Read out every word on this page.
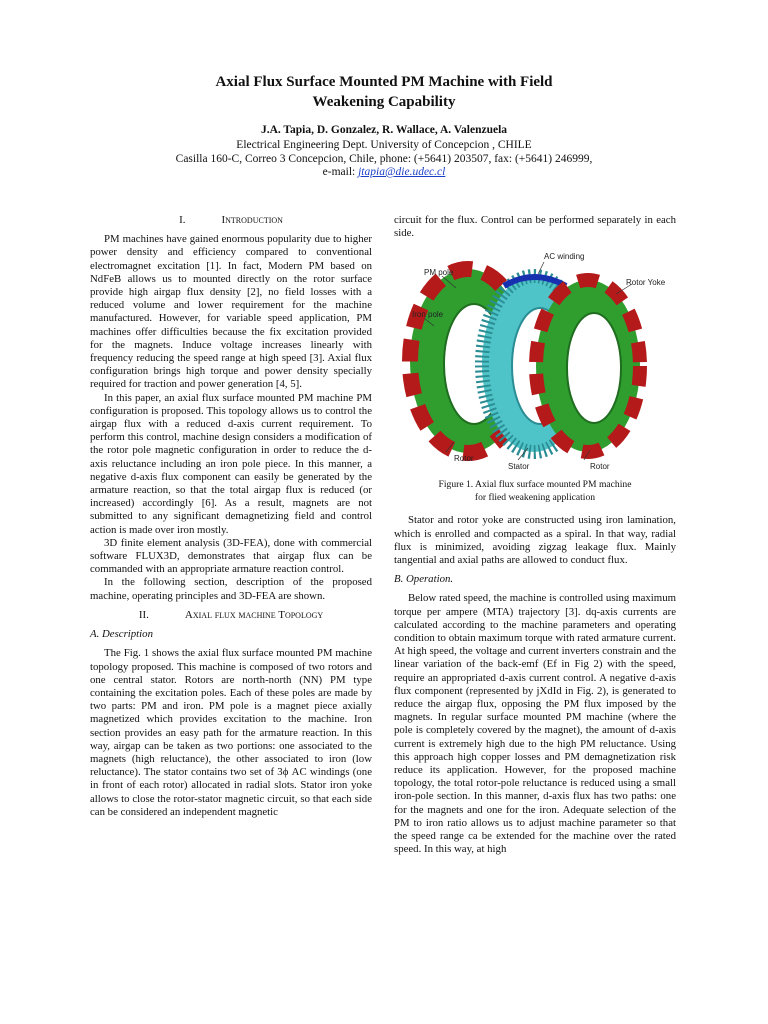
Axial Flux Surface Mounted PM Machine with Field
Weakening Capability
J.A. Tapia, D. Gonzalez, R. Wallace, A. Valenzuela
Electrical Engineering Dept. University of Concepcion , CHILE
Casilla 160-C, Correo 3 Concepcion, Chile, phone: (+5641) 203507, fax: (+5641) 246999,
e-mail: jtapia@die.udec.cl
I.	Introduction

PM machines have gained enormous popularity due to higher power density and efficiency compared to conventional electromagnet excitation [1]. In fact, Modern PM based on NdFeB allows us to mounted directly on the rotor surface provide high airgap flux density [2], no field losses with a reduced volume and lower requirement for the machine manufactured. However, for variable speed application, PM machines offer difficulties because the fix excitation provided for the magnets. Induce voltage increases linearly with frequency reducing the speed range at high speed [3]. Axial flux configuration brings high torque and power density specially required for traction and power generation [4, 5].

In this paper, an axial flux surface mounted PM machine PM configuration is proposed. This topology allows us to control the airgap flux with a reduced d-axis current requirement. To perform this control, machine design considers a modification of the rotor pole magnetic configuration in order to reduce the d-axis reluctance including an iron pole piece. In this manner, a negative d-axis flux component can easily be generated by the armature reaction, so that the total airgap flux is reduced (or increased) accordingly [6]. As a result, magnets are not submitted to any significant demagnetizing field and control action is made over iron mostly.

3D finite element analysis (3D-FEA), done with commercial software FLUX3D, demonstrates that airgap flux can be commanded with an appropriate armature reaction control.

In the following section, description of the proposed machine, operating principles and 3D-FEA are shown.

II.	Axial flux machine Topology
A. Description

The Fig. 1 shows the axial flux surface mounted PM machine topology proposed. This machine is composed of two rotors and one central stator. Rotors are north-north (NN) PM type containing the excitation poles. Each of these poles are made by two parts: PM and iron. PM pole is a magnet piece axially magnetized which provides excitation to the machine. Iron section provides an easy path for the armature reaction. In this way, airgap can be taken as two portions: one associated to the magnets (high reluctance), the other associated to iron (low reluctance). The stator contains two set of 3ϕ AC windings (one in front of each rotor) allocated in radial slots. Stator iron yoke allows to close the rotor-stator magnetic circuit, so that each side can be considered an independent magnetic

circuit for the flux. Control can be performed separately in each side.

AC winding
PM pole
Rotor Yoke
Iron pole
Rotor
Stator	Rotor
Figure 1. Axial flux surface mounted PM machine
for flied weakening application

Stator and rotor yoke are constructed using iron lamination, which is enrolled and compacted as a spiral. In that way, radial flux is minimized, avoiding zigzag leakage flux. Mainly tangential and axial paths are allowed to conduct flux.

B. Operation.

Below rated speed, the machine is controlled using maximum torque per ampere (MTA) trajectory [3]. dq-axis currents are calculated according to the machine parameters and operating condition to obtain maximum torque with rated armature current. At high speed, the voltage and current inverters constrain and the linear variation of the back-emf (Ef in Fig 2) with the speed, require an appropriated d-axis current control. A negative d-axis flux component (represented by jXdId in Fig. 2), is generated to reduce the airgap flux, opposing the PM flux imposed by the magnets. In regular surface mounted PM machine (where the pole is completely covered by the magnet), the amount of d-axis current is extremely high due to the high PM reluctance. Using this approach high copper losses and PM demagnetization risk reduce its application. However, for the proposed machine topology, the total rotor-pole reluctance is reduced using a small iron-pole section. In this manner, d-axis flux has two paths: one for the magnets and one for the iron. Adequate selection of the PM to iron ratio allows us to adjust machine parameter so that the speed range ca be extended for the machine over the rated speed. In this way, at high
